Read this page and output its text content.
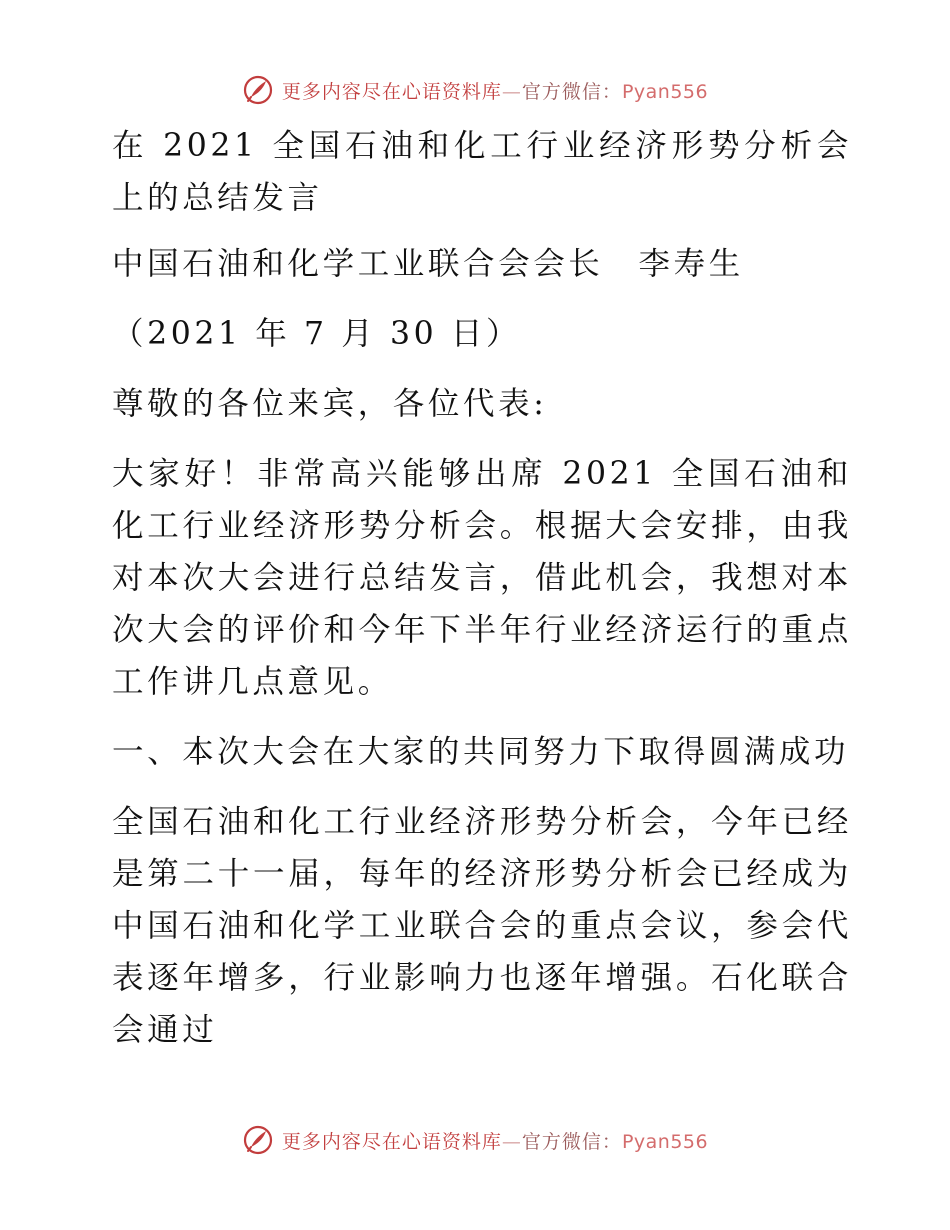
更多内容尽在心语资料库—官方微信：Pyan556

在 2021 全国石油和化工行业经济形势分析会上的总结发言

中国石油和化学工业联合会会长　李寿生

（2021 年 7 月 30 日）

尊敬的各位来宾，各位代表:

大家好！非常高兴能够出席 2021 全国石油和化工行业经济形势分析会。根据大会安排，由我对本次大会进行总结发言，借此机会，我想对本次大会的评价和今年下半年行业经济运行的重点工作讲几点意见。

一、本次大会在大家的共同努力下取得圆满成功

全国石油和化工行业经济形势分析会，今年已经是第二十一届，每年的经济形势分析会已经成为中国石油和化学工业联合会的重点会议，参会代表逐年增多，行业影响力也逐年增强。石化联合会通过

更多内容尽在心语资料库—官方微信：Pyan556
